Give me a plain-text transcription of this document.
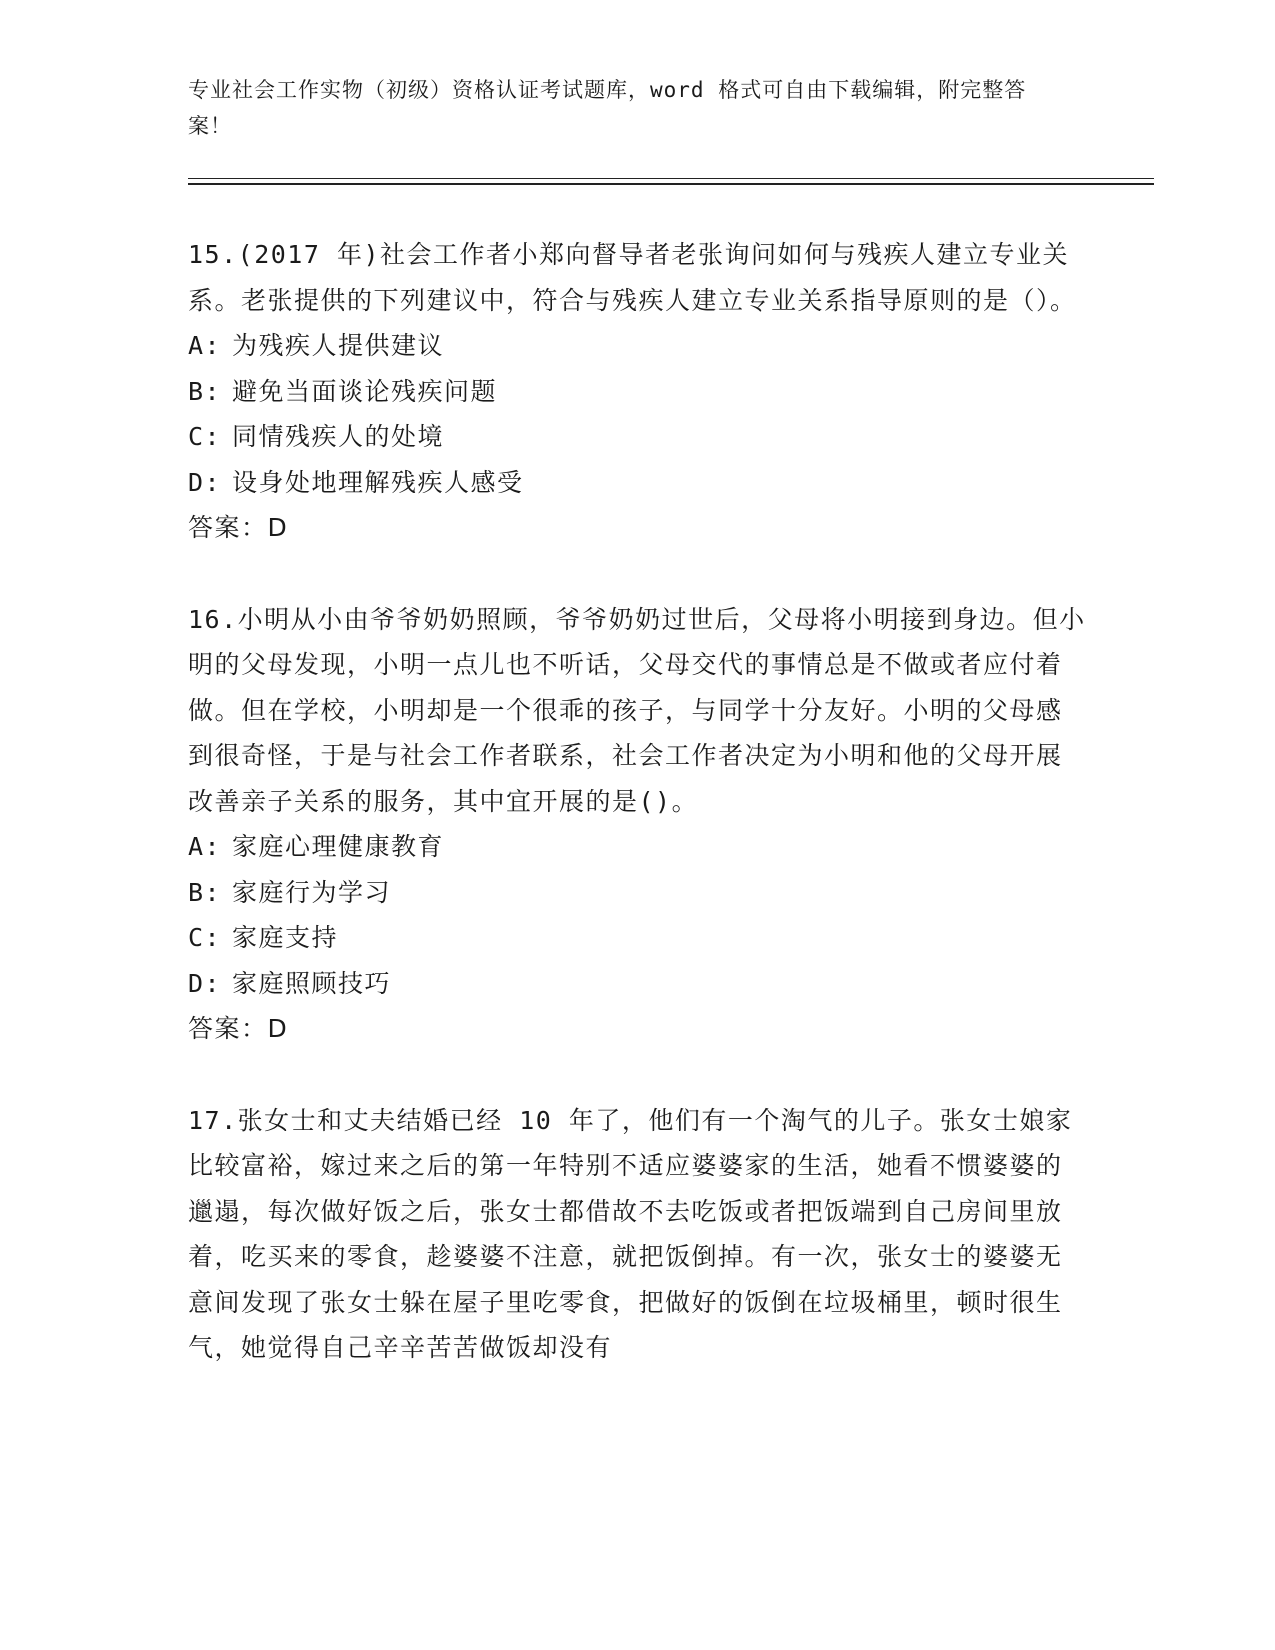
专业社会工作实物（初级）资格认证考试题库，word 格式可自由下载编辑，附完整答案！
15.(2017 年)社会工作者小郑向督导者老张询问如何与残疾人建立专业关系。老张提供的下列建议中，符合与残疾人建立专业关系指导原则的是（）。
A: 为残疾人提供建议
B: 避免当面谈论残疾问题
C: 同情残疾人的处境
D: 设身处地理解残疾人感受
答案：D
16.小明从小由爷爷奶奶照顾，爷爷奶奶过世后，父母将小明接到身边。但小明的父母发现，小明一点儿也不听话，父母交代的事情总是不做或者应付着做。但在学校，小明却是一个很乖的孩子，与同学十分友好。小明的父母感到很奇怪，于是与社会工作者联系，社会工作者决定为小明和他的父母开展改善亲子关系的服务，其中宜开展的是()。
A: 家庭心理健康教育
B: 家庭行为学习
C: 家庭支持
D: 家庭照顾技巧
答案：D
17.张女士和丈夫结婚已经 10 年了，他们有一个淘气的儿子。张女士娘家比较富裕，嫁过来之后的第一年特别不适应婆婆家的生活，她看不惯婆婆的邋遢，每次做好饭之后，张女士都借故不去吃饭或者把饭端到自己房间里放着，吃买来的零食，趁婆婆不注意，就把饭倒掉。有一次，张女士的婆婆无意间发现了张女士躲在屋子里吃零食，把做好的饭倒在垃圾桶里，顿时很生气，她觉得自己辛辛苦苦做饭却没有
